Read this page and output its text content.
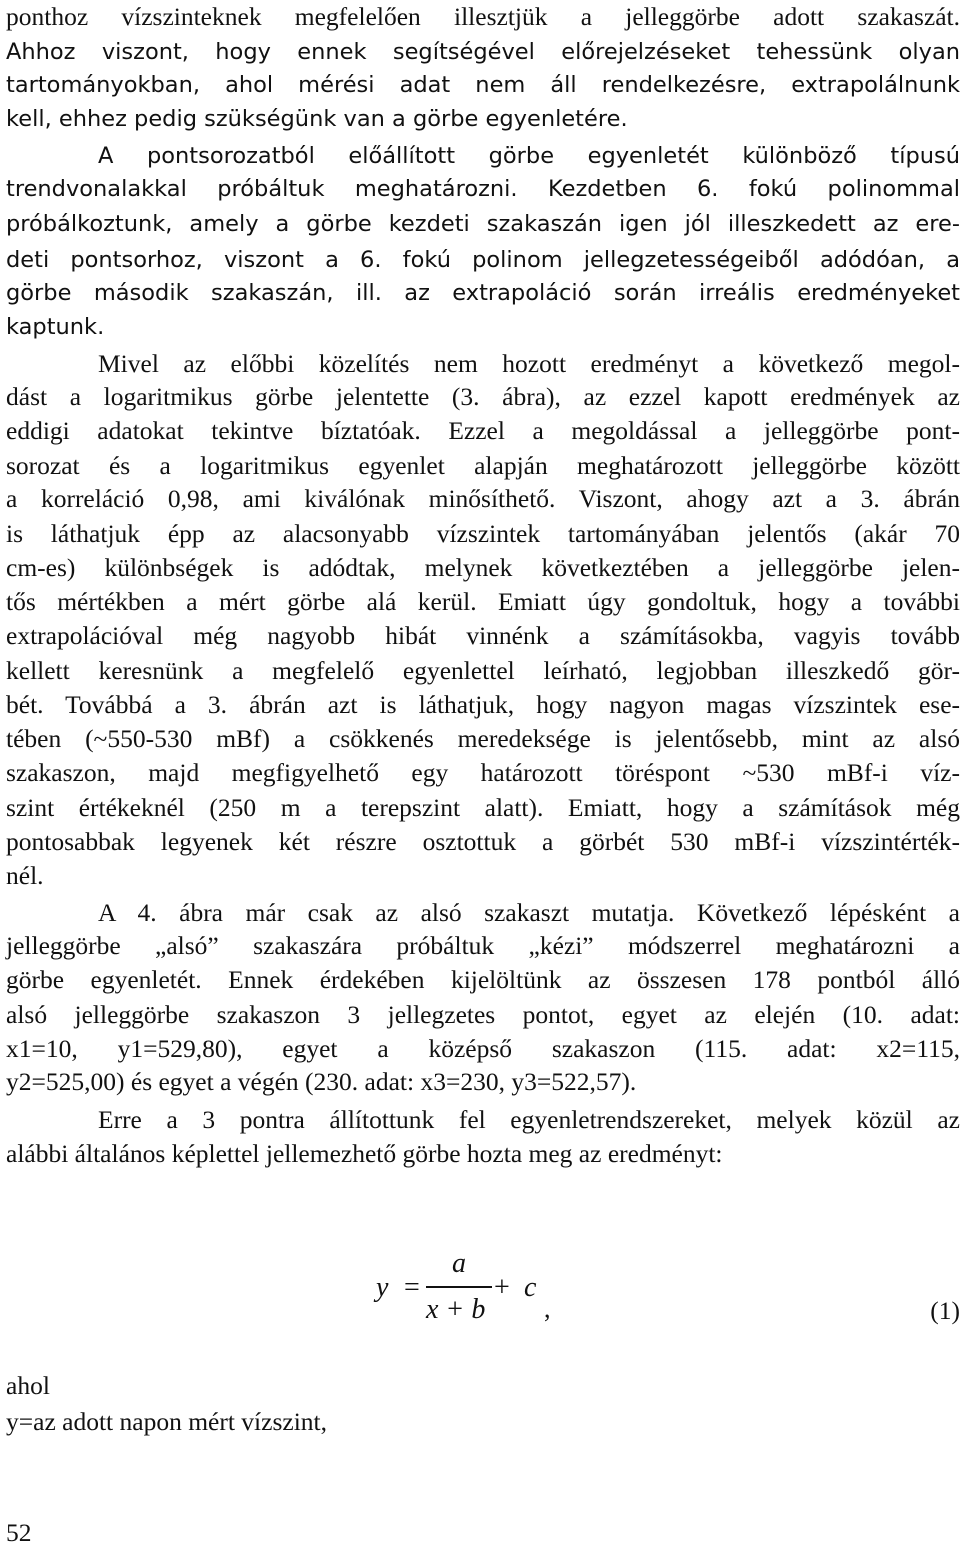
ponthoz vízszinteknek megfelelően illesztjük a jelleggörbe adott szakaszát.
Ahhoz viszont, hogy ennek segítségével előrejelzéseket tehessünk olyan
tartományokban, ahol mérési adat nem áll rendelkezésre, extrapolálnunk
kell, ehhez pedig szükségünk van a görbe egyenletére.
A pontsorozatból előállított görbe egyenletét különböző típusú
trendvonalakkal próbáltuk meghatározni. Kezdetben 6. fokú polinommal
próbálkoztunk, amely a görbe kezdeti szakaszán igen jól illeszkedett az ere-
deti pontsorhoz, viszont a 6. fokú polinom jellegzetességeiből adódóan, a
görbe második szakaszán, ill. az extrapoláció során irreális eredményeket
kaptunk.
Mivel az előbbi közelítés nem hozott eredményt a következő megol-
dást a logaritmikus görbe jelentette (3. ábra), az ezzel kapott eredmények az
eddigi adatokat tekintve bíztatóak. Ezzel a megoldással a jelleggörbe pont-
sorozat és a logaritmikus egyenlet alapján meghatározott jelleggörbe között
a korreláció 0,98, ami kiválónak minősíthető. Viszont, ahogy azt a 3. ábrán
is láthatjuk épp az alacsonyabb vízszintek tartományában jelentős (akár 70
cm-es) különbségek is adódtak, melynek következtében a jelleggörbe jelen-
tős mértékben a mért görbe alá kerül. Emiatt úgy gondoltuk, hogy a további
extrapolációval még nagyobb hibát vinnénk a számításokba, vagyis tovább
kellett keresnünk a megfelelő egyenlettel leírható, legjobban illeszkedő gör-
bét. Továbbá a 3. ábrán azt is láthatjuk, hogy nagyon magas vízszintek ese-
tében (~550-530 mBf) a csökkenés meredeksége is jelentősebb, mint az alsó
szakaszon, majd megfigyelhető egy határozott töréspont ~530 mBf-i víz-
szint értékeknél (250 m a terepszint alatt). Emiatt, hogy a számítások még
pontosabbak legyenek két részre osztottuk a görbét 530 mBf-i vízszintérték-
nél.
A 4. ábra már csak az alsó szakaszt mutatja. Következő lépésként a
jelleggörbe „alsó” szakaszára próbáltuk „kézi” módszerrel meghatározni a
görbe egyenletét. Ennek érdekében kijelöltünk az összesen 178 pontból álló
alsó jelleggörbe szakaszon 3 jellegzetes pontot, egyet az elején (10. adat:
x1=10, y1=529,80), egyet a középső szakaszon (115. adat: x2=115,
y2=525,00) és egyet a végén (230. adat: x3=230, y3=522,57).
Erre a 3 pontra állítottunk fel egyenletrendszereket, melyek közül az
alábbi általános képlettel jellemezhető görbe hozta meg az eredményt:
y =
a
x + b
+ c
,	(1)
ahol
y=az adott napon mért vízszint,
52
